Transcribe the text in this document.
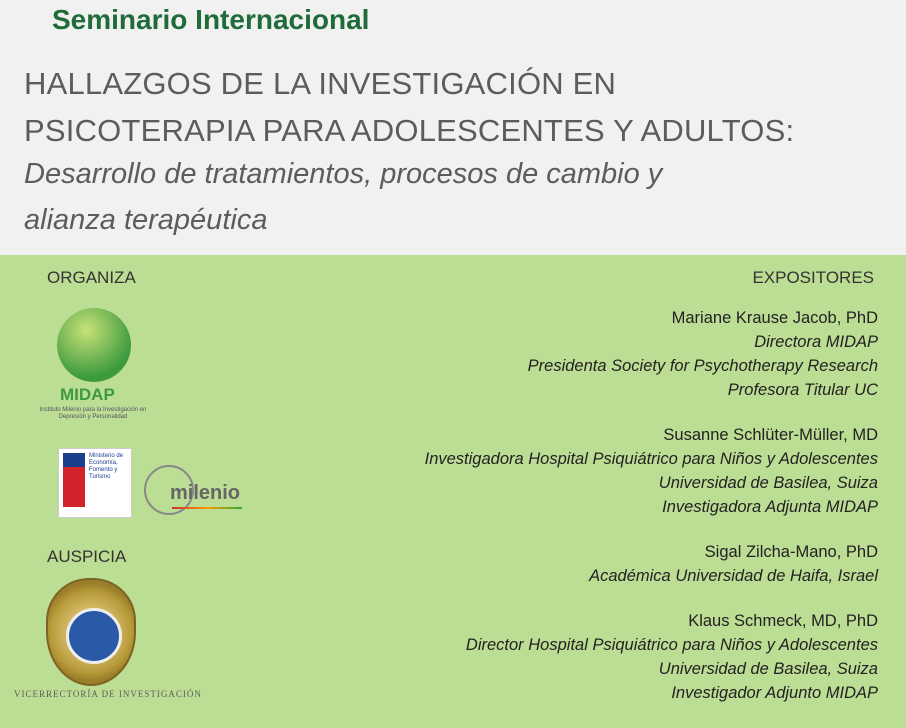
Seminario Internacional
HALLAZGOS DE LA INVESTIGACIÓN EN
PSICOTERAPIA PARA ADOLESCENTES Y ADULTOS:
Desarrollo de tratamientos, procesos de cambio y
alianza terapéutica
ORGANIZA
AUSPICIA
EXPOSITORES
MIDAP
Instituto Milenio para la Investigación en Depresión y Personalidad
Ministerio de Economía, Fomento y Turismo
milenio
VICERRECTORÍA DE INVESTIGACIÓN
Mariane Krause Jacob, PhD
Directora MIDAP
Presidenta Society for Psychotherapy Research
Profesora Titular UC
Susanne Schlüter-Müller, MD
Investigadora Hospital Psiquiátrico para Niños y Adolescentes
Universidad de Basilea, Suiza
Investigadora Adjunta MIDAP
Sigal Zilcha-Mano, PhD
Académica Universidad de Haifa, Israel
Klaus Schmeck, MD, PhD
Director Hospital Psiquiátrico para Niños y Adolescentes
Universidad de Basilea, Suiza
Investigador Adjunto MIDAP
